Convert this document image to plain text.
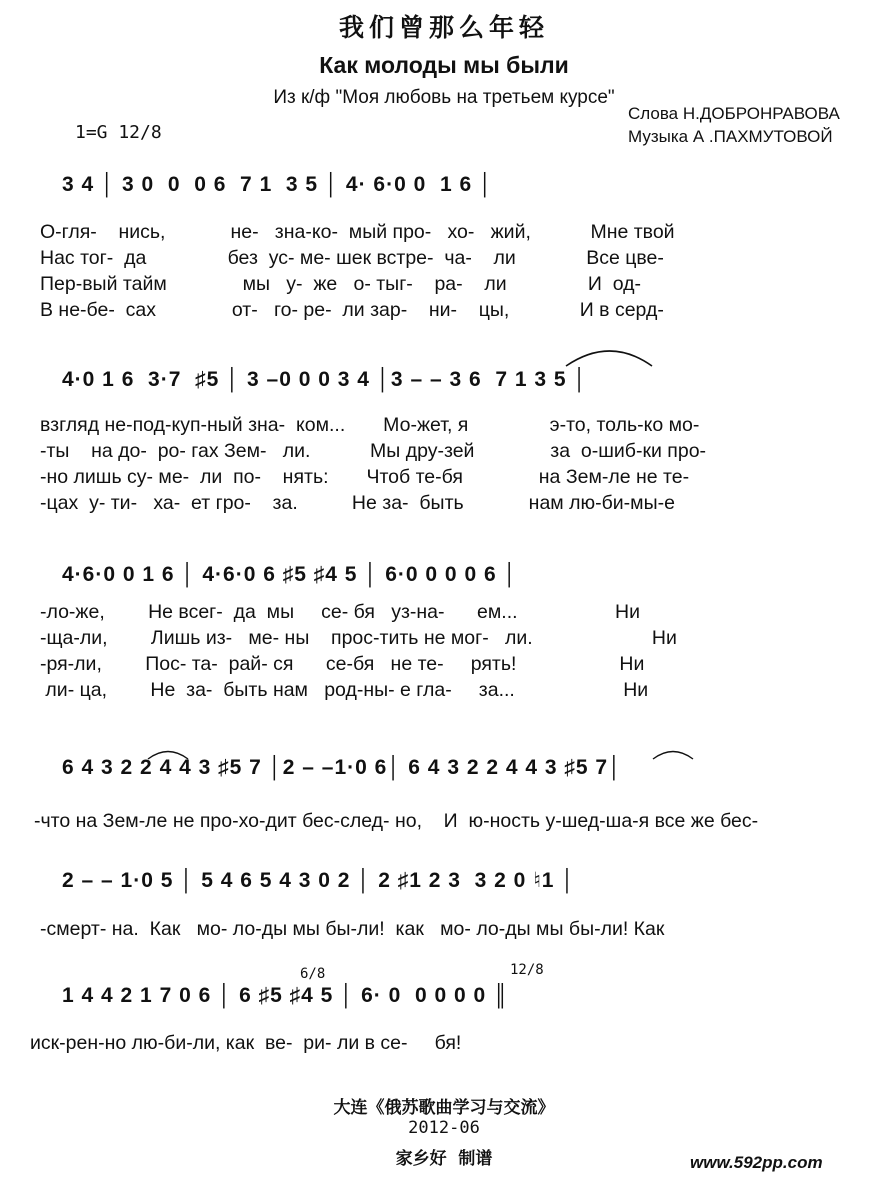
我们曾那么年轻
Как молоды мы были
Из к/ф "Моя любовь на третьем курсе"
1=G 12/8
Слова Н.ДОБРОНРАВОВА
Музыка А .ПАХМУТОВОЙ
3 4 │ 3 0  0  0 6  7 1  3 5 │ 4· 6·0 0  1 6 │
О-гля-    нись,            не-   зна-ко-  мый про-   хо-   жий,           Мне твой
Нас тог-  да               без  ус- ме- шек встре-  ча-    ли             Все цве-
Пер-вый тайм              мы   у-  же   о- тыг-    ра-    ли               И  од-
В не-бе-  сах              от-   го- ре-  ли зар-    ни-    цы,             И в серд-
4·0 1 6  3·7  ♯5 │ 3 –0 0 0 3 4 │3 – – 3 6  7 1 3 5 │
взгляд не-под-куп-ный зна-  ком...       Мо-жет, я               э-то, толь-ко мо-
-ты    на до-  ро- гах Зем-   ли.           Мы дру-зей              за  о-шиб-ки про-
-но лишь су- ме-  ли  по-    нять:       Чтоб те-бя              на Зем-ле не те-
-цах  у- ти-   ха-  ет гро-    за.          Не за-  быть            нам лю-би-мы-е
4·6·0 0 1 6 │ 4·6·0 6 ♯5 ♯4 5 │ 6·0 0 0 0 6 │
-ло-же,        Не всег-  да  мы     се- бя   уз-на-      ем...                  Ни
-ща-ли,        Лишь из-   ме- ны    прос-тить не мог-   ли.                      Ни
-ря-ли,        Пос- та-  рай- ся      се-бя   не те-     рять!                   Ни
ли- ца,        Не  за-  быть нам   род-ны- е гла-     за...                    Ни
6 4 3 2 2 4 4 3 ♯5 7 │2 – –1·0 6│ 6 4 3 2 2 4 4 3 ♯5 7│
-что на Зем-ле не про-хо-дит бес-след- но,    И  ю-ность у-шед-ша-я все же бес-
2 – – 1·0 5 │ 5 4 6 5 4 3 0 2 │ 2 ♯1 2 3  3 2 0 ♮1 │
-смерт- на.  Как   мо- ло-ды мы бы-ли!  как   мо- ло-ды мы бы-ли! Как
6/8	12/8
1 4 4 2 1 7 0 6 │ 6 ♯5 ♯4 5 │ 6· 0  0 0 0 0 ║
иск-рен-но лю-би-ли, как  ве-  ри- ли в се-     бя!
大连《俄苏歌曲学习与交流》
2012-06
家乡好  制谱	www.592pp.com
